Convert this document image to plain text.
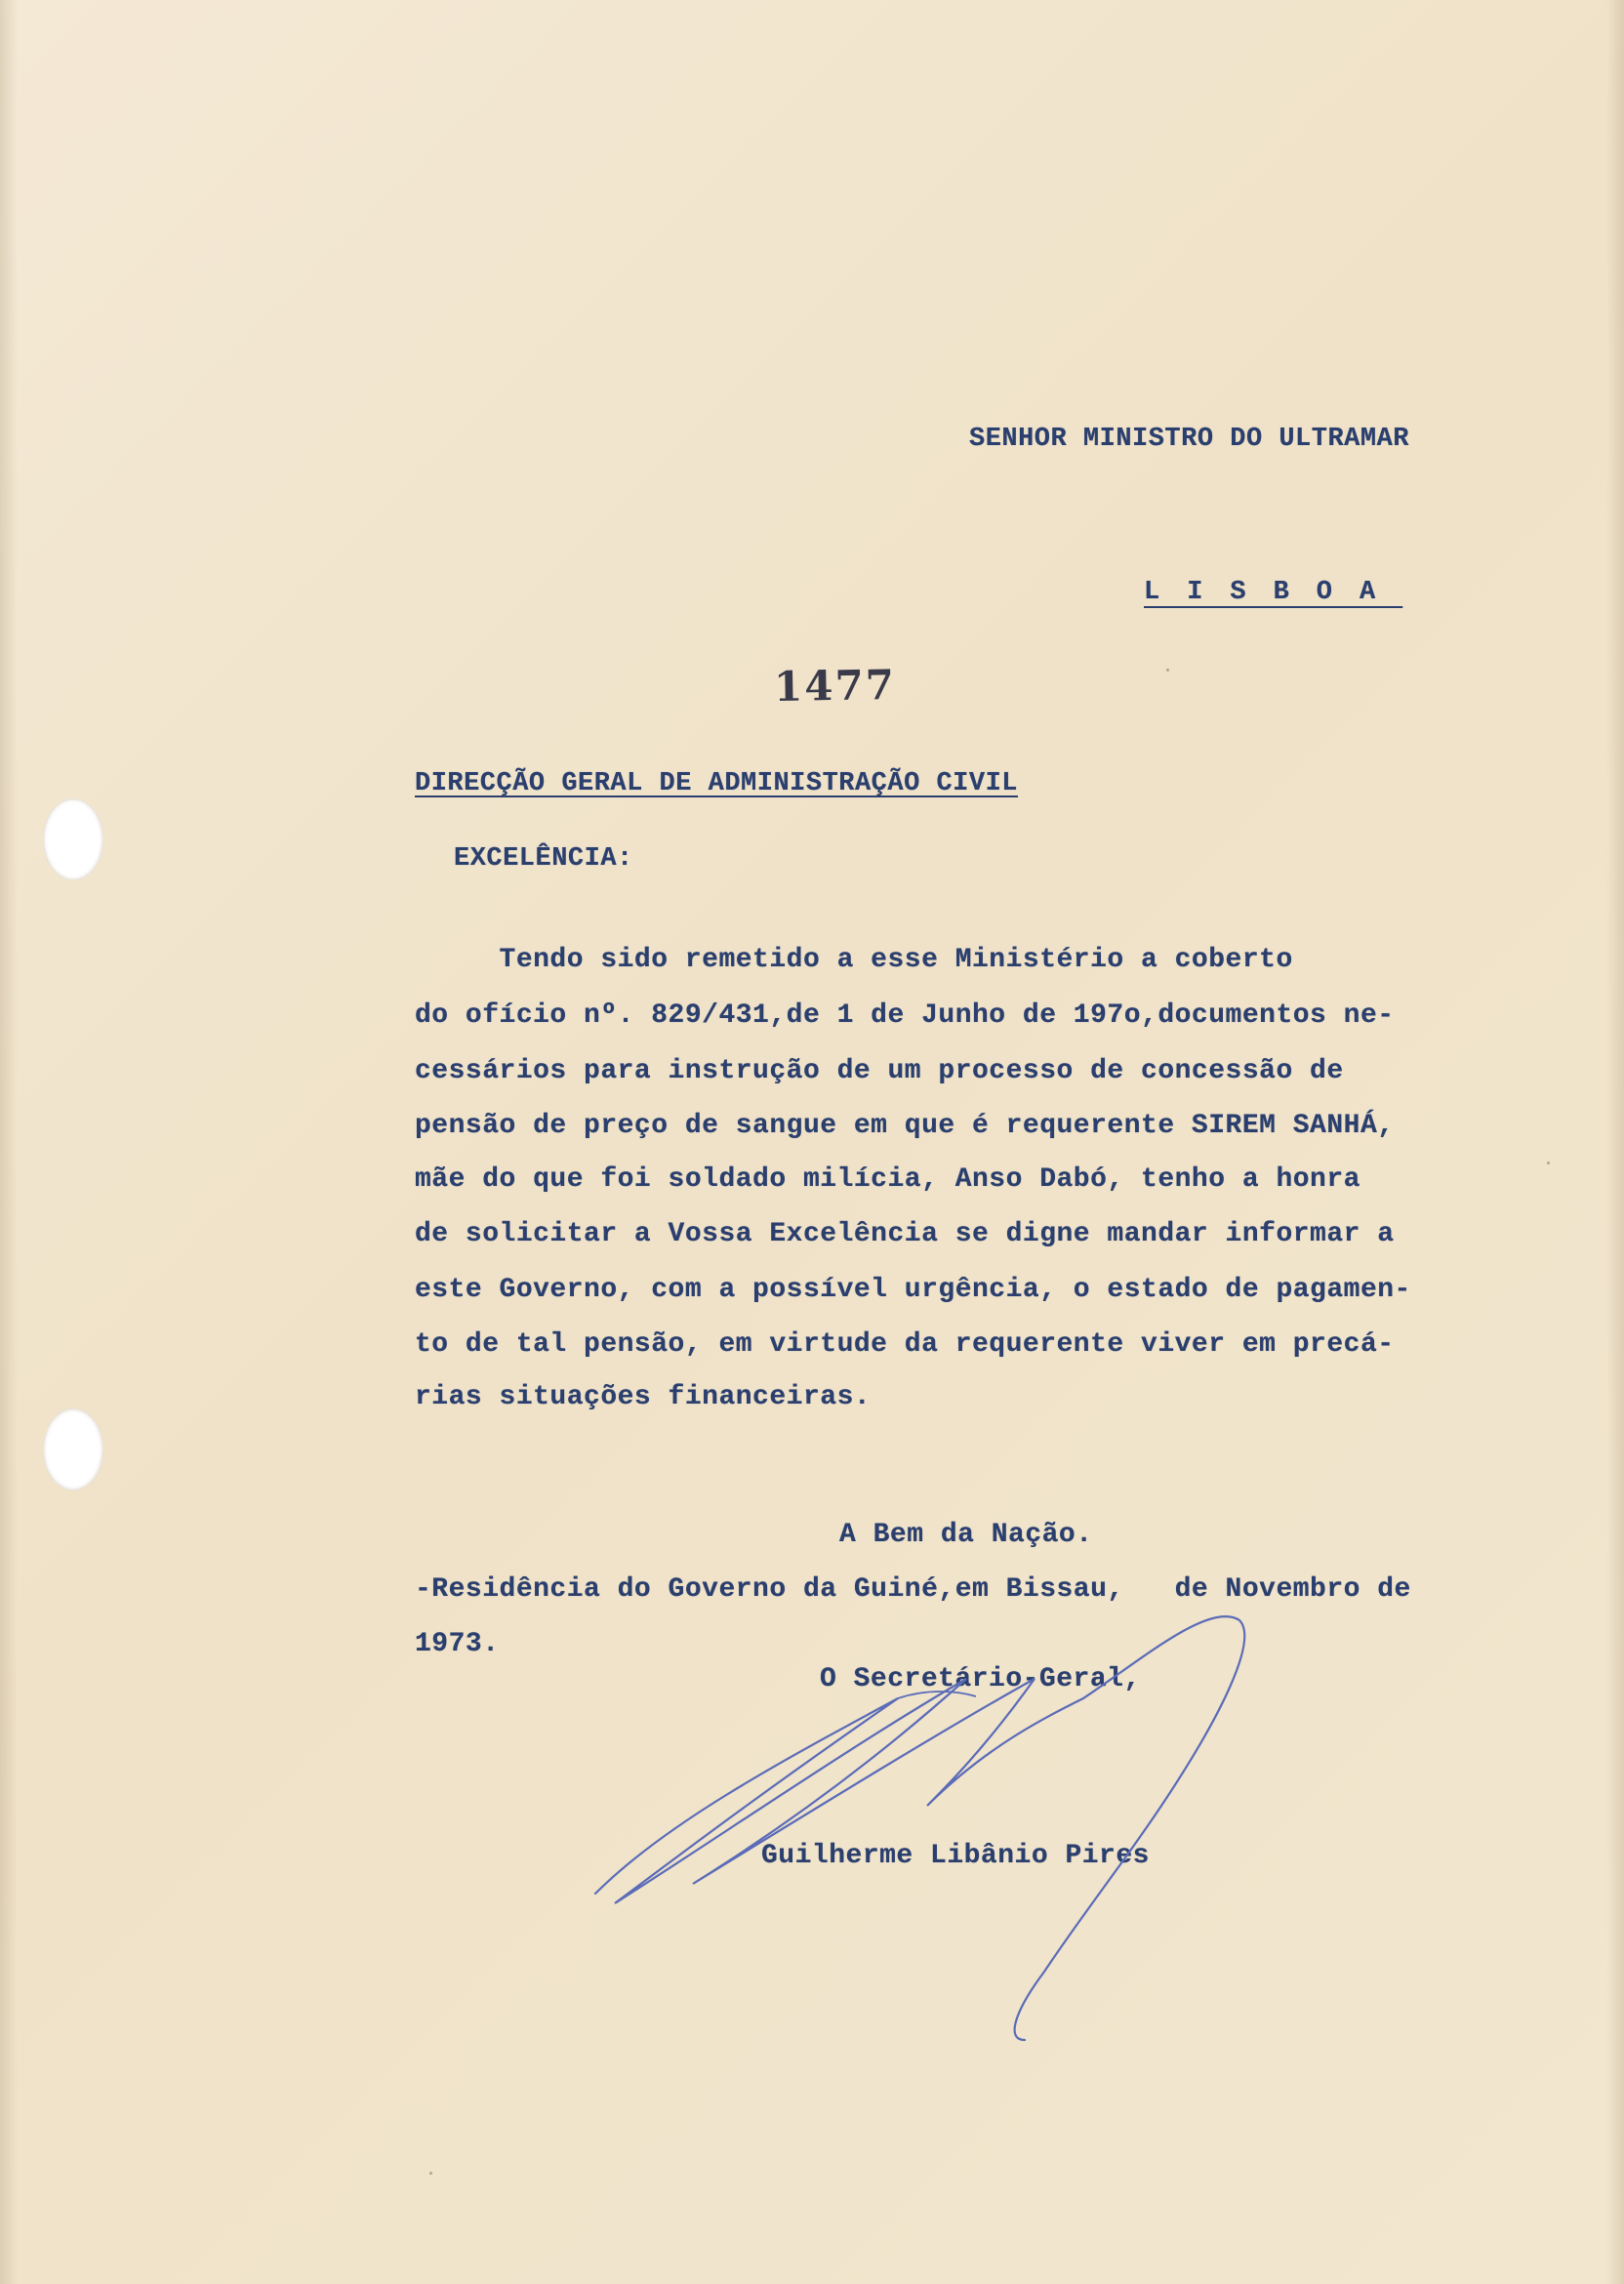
SENHOR MINISTRO DO ULTRAMAR
LISBOA
1477
DIRECÇÃO GERAL DE ADMINISTRAÇÃO CIVIL
EXCELÊNCIA:
Tendo sido remetido a esse Ministério a coberto
do ofício nº. 829/431,de 1 de Junho de 197o,documentos ne-
cessários para instrução de um processo de concessão de
pensão de preço de sangue em que é requerente SIREM SANHÁ,
mãe do que foi soldado milícia, Anso Dabó, tenho a honra
de solicitar a Vossa Excelência se digne mandar informar a
este Governo, com a possível urgência, o estado de pagamen-
to de tal pensão, em virtude da requerente viver em precá-
rias situações financeiras.
A Bem da Nação.
-Residência do Governo da Guiné,em Bissau,   de Novembro de
1973.
O Secretário-Geral,
Guilherme Libânio Pires
